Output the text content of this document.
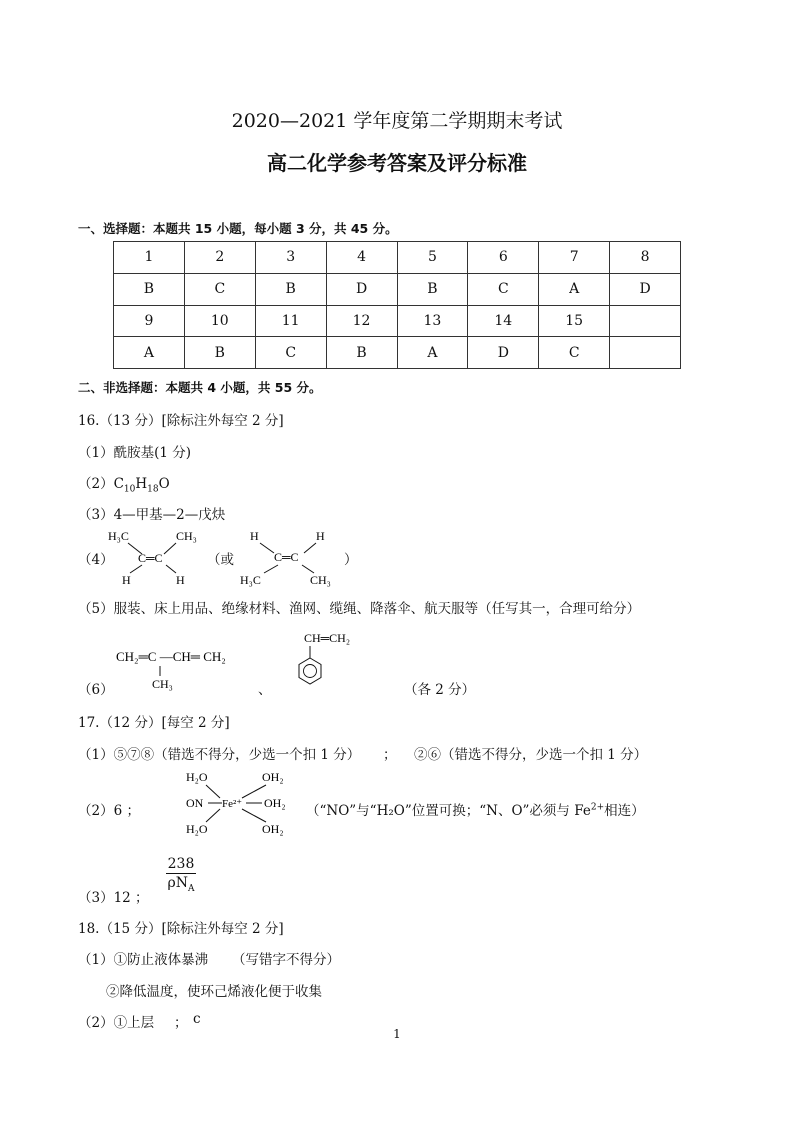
2020—2021 学年度第二学期期末考试
高二化学参考答案及评分标准
一、选择题：本题共 15 小题，每小题 3 分，共 45 分。
1	2	3	4	5	6	7	8
B	C	B	D	B	C	A	D
9	10	11	12	13	14	15	
A	B	C	B	A	D	C	
二、非选择题：本题共 4 小题，共 55 分。
16.（13 分）[除标注外每空 2 分]
（1）酰胺基(1 分)
$(2)C_{10}H_{18}O$
（3）4—甲基—2—戊炔
（4）
H₃C	CH₃
C═C
H	H
（或
H	H
C═C
H₃C	CH₃
）
（5）服装、床上用品、绝缘材料、渔网、缆绳、降落伞、航天服等（任写其一，合理可给分）
（6）
CH₂═C —CH═ CH₂
CH₃	、
CH═CH₂
（各 2 分）
17.（12 分）[每空 2 分]
（1）⑤⑦⑧（错选不得分，少选一个扣 1 分） ； ②⑥（错选不得分，少选一个扣 1 分）
（2）6 ；
H₂O	OH₂
ON Fe²⁺ OH₂
H₂O	OH₂
（“NO”与“H₂O”位置可换；“N、O”必须与 $Fe^{2+}$相连）
（3）12 ；
238
$\rho N_A$
18.（15 分）[除标注外每空 2 分]
（1）①防止液体暴沸 （写错字不得分）
②降低温度，使环己烯液化便于收集
（2）①上层 ； c
1
